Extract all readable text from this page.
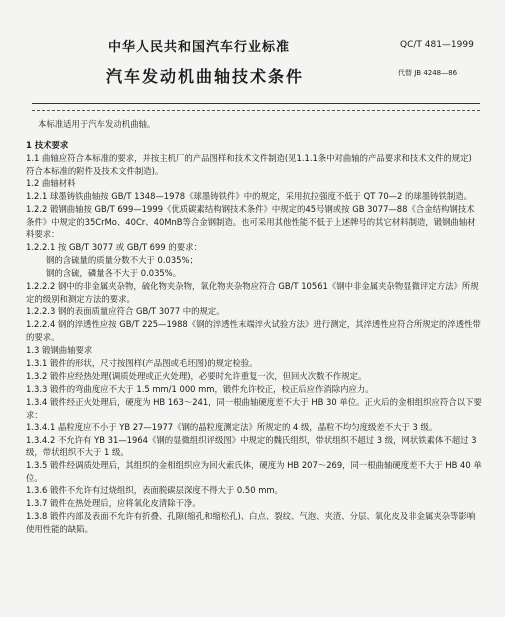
中华人民共和国汽车行业标准	QC/T 481—1999
汽车发动机曲轴技术条件	代替 JB 4248—86

本标准适用于汽车发动机曲轴。

1 技术要求

1.1 曲轴应符合本标准的要求，并按主机厂的产品图样和技术文件制造(见1.1.1条中对曲轴的产品要求和技术文件的规定) 符合本标准的附件及技术文件制造)。

1.2 曲轴材料

1.2.1 球墨铸铁曲轴按 GB/T 1348—1978《球墨铸铁件》中的规定，采用抗拉强度不低于 QT 70—2 的球墨铸铁制造。

1.2.2 锻钢曲轴按 GB/T 699—1999《优质碳素结构钢技术条件》中规定的45号钢或按 GB 3077—88《合金结构钢技术条件》中规定的35CrMo、40Cr、40MnB等合金钢制造。也可采用其他性能不低于上述牌号的其它材料制造，锻钢曲轴材料要求：

1.2.2.1 按 GB/T 3077 或 GB/T 699 的要求：

钢的含硫量的质量分数不大于 0.035%；

钢的含硫，磷量各不大于 0.035%。

1.2.2.2 钢中的非金属夹杂物，硫化物夹杂物，氧化物夹杂物应符合 GB/T 10561《钢中非金属夹杂物显微评定方法》所规定的级别和测定方法的要求。

1.2.2.3 钢的表面质量应符合 GB/T 3077 中的规定。

1.2.2.4 钢的淬透性应按 GB/T 225—1988《钢的淬透性末端淬火试验方法》进行测定，其淬透性应符合所规定的淬透性带的要求。

1.3 锻钢曲轴要求

1.3.1 锻件的形状，尺寸按图样(产品图或毛坯图)的规定检验。

1.3.2 锻件应经热处理(调质处理或正火处理)，必要时允许重复一次，但回火次数不作规定。

1.3.3 锻件的弯曲度应不大于 1.5 mm/1 000 mm，锻件允许校正，校正后应作消除内应力。

1.3.4 锻件经正火处理后，硬度为 HB 163～241，同一根曲轴硬度差不大于 HB 30 单位。正火后的金相组织应符合以下要求：

1.3.4.1 晶粒度应不小于 YB 27—1977《钢的晶粒度测定法》所规定的 4 级，晶粒不均匀度级差不大于 3 级。

1.3.4.2 不允许有 YB 31—1964《钢的显微组织评级图》中规定的魏氏组织，带状组织不超过 3 级，网状铁素体不超过 3 级，带状组织不大于 1 级。

1.3.5 锻件经调质处理后，其组织的金相组织应为回火索氏体，硬度为 HB 207～269，同一根曲轴硬度差不大于 HB 40 单位。

1.3.6 锻件不允许有过烧组织，表面脱碳层深度不得大于 0.50 mm。

1.3.7 锻件在热处理后，应将氧化皮清除干净。

1.3.8 锻件内部及表面不允许有折叠、孔隙(缩孔和缩松孔)、白点、裂纹、气泡、夹渣、分层、氧化皮及非金属夹杂等影响使用性能的缺陷。
